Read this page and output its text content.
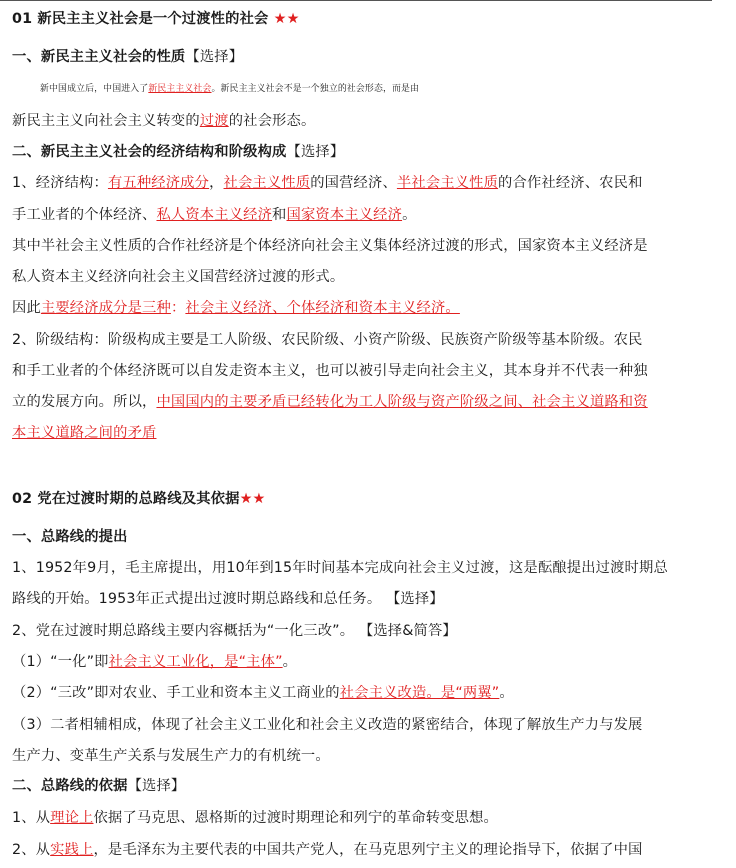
01 新民主主义社会是一个过渡性的社会 ★★
一、新民主主义社会的性质【选择】
新中国成立后，中国进入了新民主主义社会。新民主主义社会不是一个独立的社会形态，而是由
新民主主义向社会主义转变的过渡的社会形态。
二、新民主主义社会的经济结构和阶级构成【选择】
1、经济结构：有五种经济成分，社会主义性质的国营经济、半社会主义性质的合作社经济、农民和
手工业者的个体经济、私人资本主义经济和国家资本主义经济。
其中半社会主义性质的合作社经济是个体经济向社会主义集体经济过渡的形式，国家资本主义经济是
私人资本主义经济向社会主义国营经济过渡的形式。
因此主要经济成分是三种：社会主义经济、个体经济和资本主义经济。
2、阶级结构：阶级构成主要是工人阶级、农民阶级、小资产阶级、民族资产阶级等基本阶级。农民
和手工业者的个体经济既可以自发走资本主义，也可以被引导走向社会主义，其本身并不代表一种独
立的发展方向。所以，中国国内的主要矛盾已经转化为工人阶级与资产阶级之间、社会主义道路和资
本主义道路之间的矛盾
02 党在过渡时期的总路线及其依据★★
一、总路线的提出
1、1952年9月，毛主席提出，用10年到15年时间基本完成向社会主义过渡，这是酝酿提出过渡时期总
路线的开始。1953年正式提出过渡时期总路线和总任务。 【选择】
2、党在过渡时期总路线主要内容概括为“一化三改”。 【选择&简答】
（1）“一化”即社会主义工业化，是“主体”。
（2）“三改”即对农业、手工业和资本主义工商业的社会主义改造。是“两翼”。
（3）二者相辅相成，体现了社会主义工业化和社会主义改造的紧密结合，体现了解放生产力与发展
生产力、变革生产关系与发展生产力的有机统一。
二、总路线的依据【选择】
1、从理论上依据了马克思、恩格斯的过渡时期理论和列宁的革命转变思想。
2、从实践上，是毛泽东为主要代表的中国共产党人，在马克思列宁主义的理论指导下，依据了中国
